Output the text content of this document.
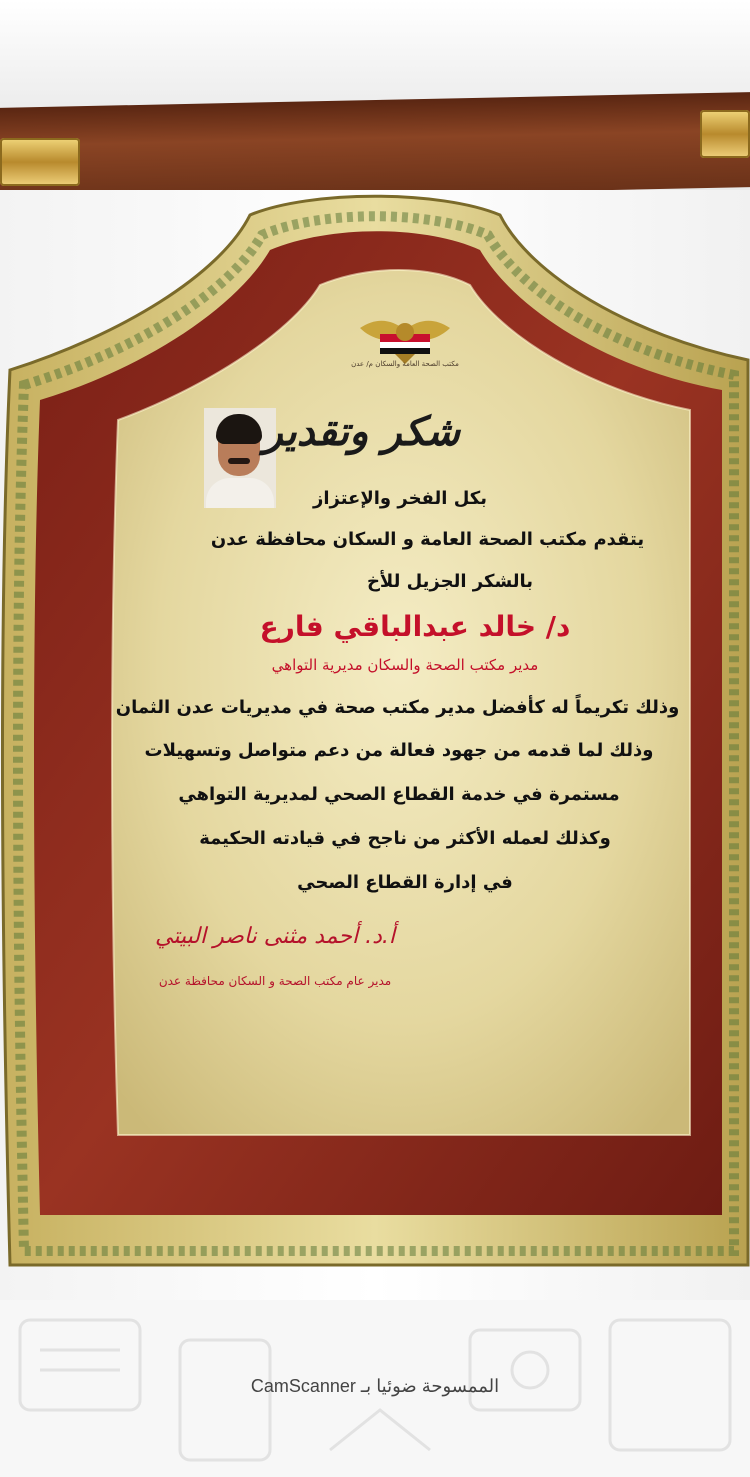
مكتب الصحة العامة والسكان م/ عدن
شكر وتقدير
بكل الفخر والإعتزاز
يتقدم مكتب الصحة العامة و السكان محافظة عدن
بالشكر الجزيل للأخ
د/ خالد عبدالباقي فارع
مدير مكتب الصحة والسكان مديرية التواهي
وذلك تكريماً له كأفضل مدير مكتب صحة في مديريات عدن الثمان
وذلك لما قدمه من جهود فعالة من دعم متواصل وتسهيلات
مستمرة في خدمة القطاع الصحي لمديرية التواهي
وكذلك لعمله الأكثر من ناجح في قيادته الحكيمة
في إدارة القطاع الصحي
أ.د. أحمد مثنى ناصر البيتي
مدير عام مكتب الصحة و السكان محافظة عدن
CamScanner الممسوحة ضوئيا بـ
